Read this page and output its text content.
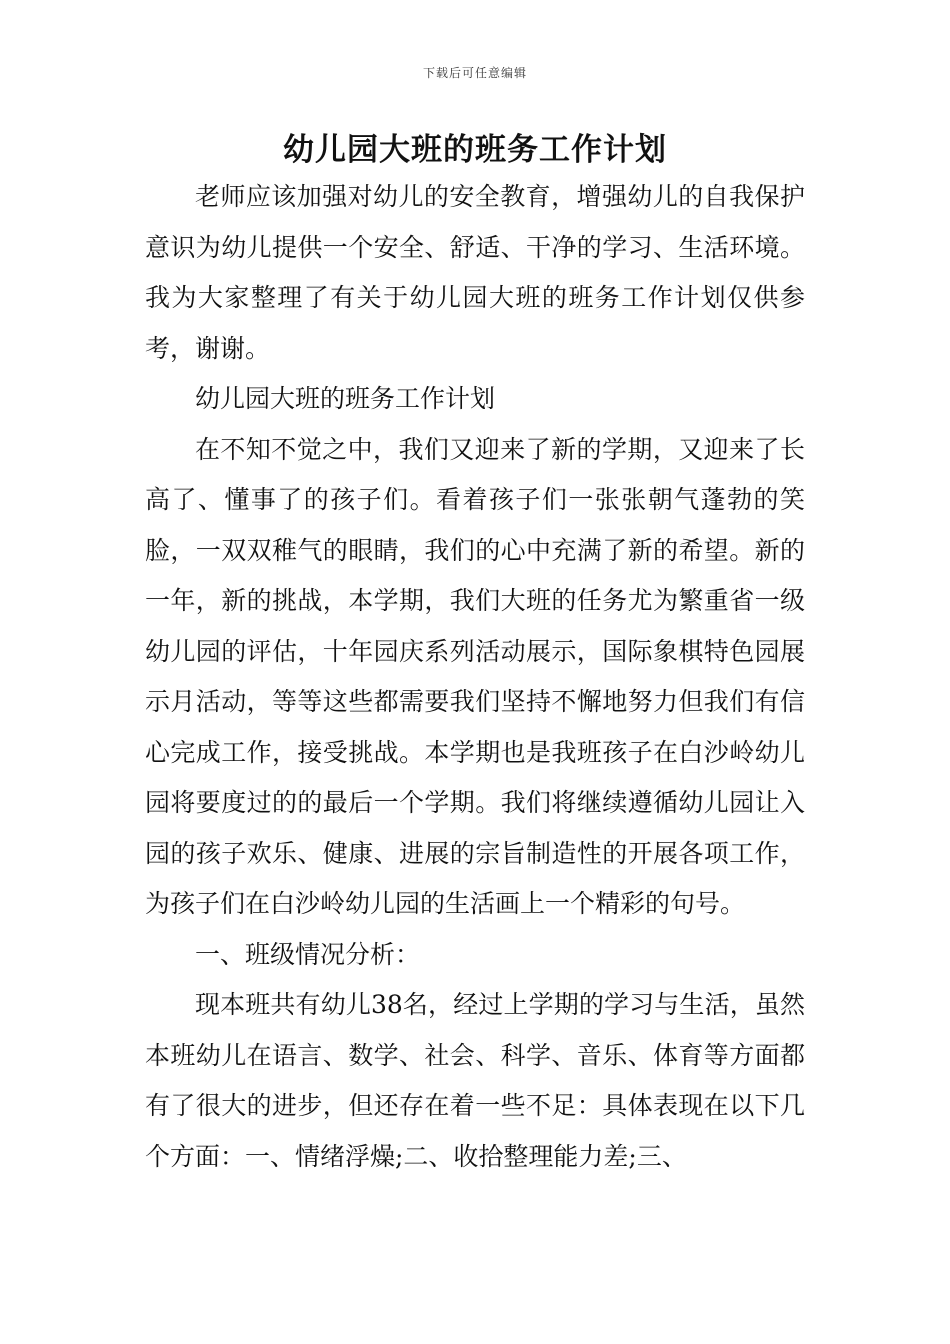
下载后可任意编辑
幼儿园大班的班务工作计划

老师应该加强对幼儿的安全教育，增强幼儿的自我保护意识为幼儿提供一个安全、舒适、干净的学习、生活环境。我为大家整理了有关于幼儿园大班的班务工作计划仅供参考，谢谢。

幼儿园大班的班务工作计划

在不知不觉之中，我们又迎来了新的学期，又迎来了长高了、懂事了的孩子们。看着孩子们一张张朝气蓬勃的笑脸，一双双稚气的眼睛，我们的心中充满了新的希望。新的一年，新的挑战，本学期，我们大班的任务尤为繁重省一级幼儿园的评估，十年园庆系列活动展示，国际象棋特色园展示月活动，等等这些都需要我们坚持不懈地努力但我们有信心完成工作，接受挑战。本学期也是我班孩子在白沙岭幼儿园将要度过的的最后一个学期。我们将继续遵循幼儿园让入园的孩子欢乐、健康、进展的宗旨制造性的开展各项工作，为孩子们在白沙岭幼儿园的生活画上一个精彩的句号。

一、班级情况分析：

现本班共有幼儿38名，经过上学期的学习与生活，虽然本班幼儿在语言、数学、社会、科学、音乐、体育等方面都有了很大的进步，但还存在着一些不足：具体表现在以下几个方面：一、情绪浮燥;二、收拾整理能力差;三、
